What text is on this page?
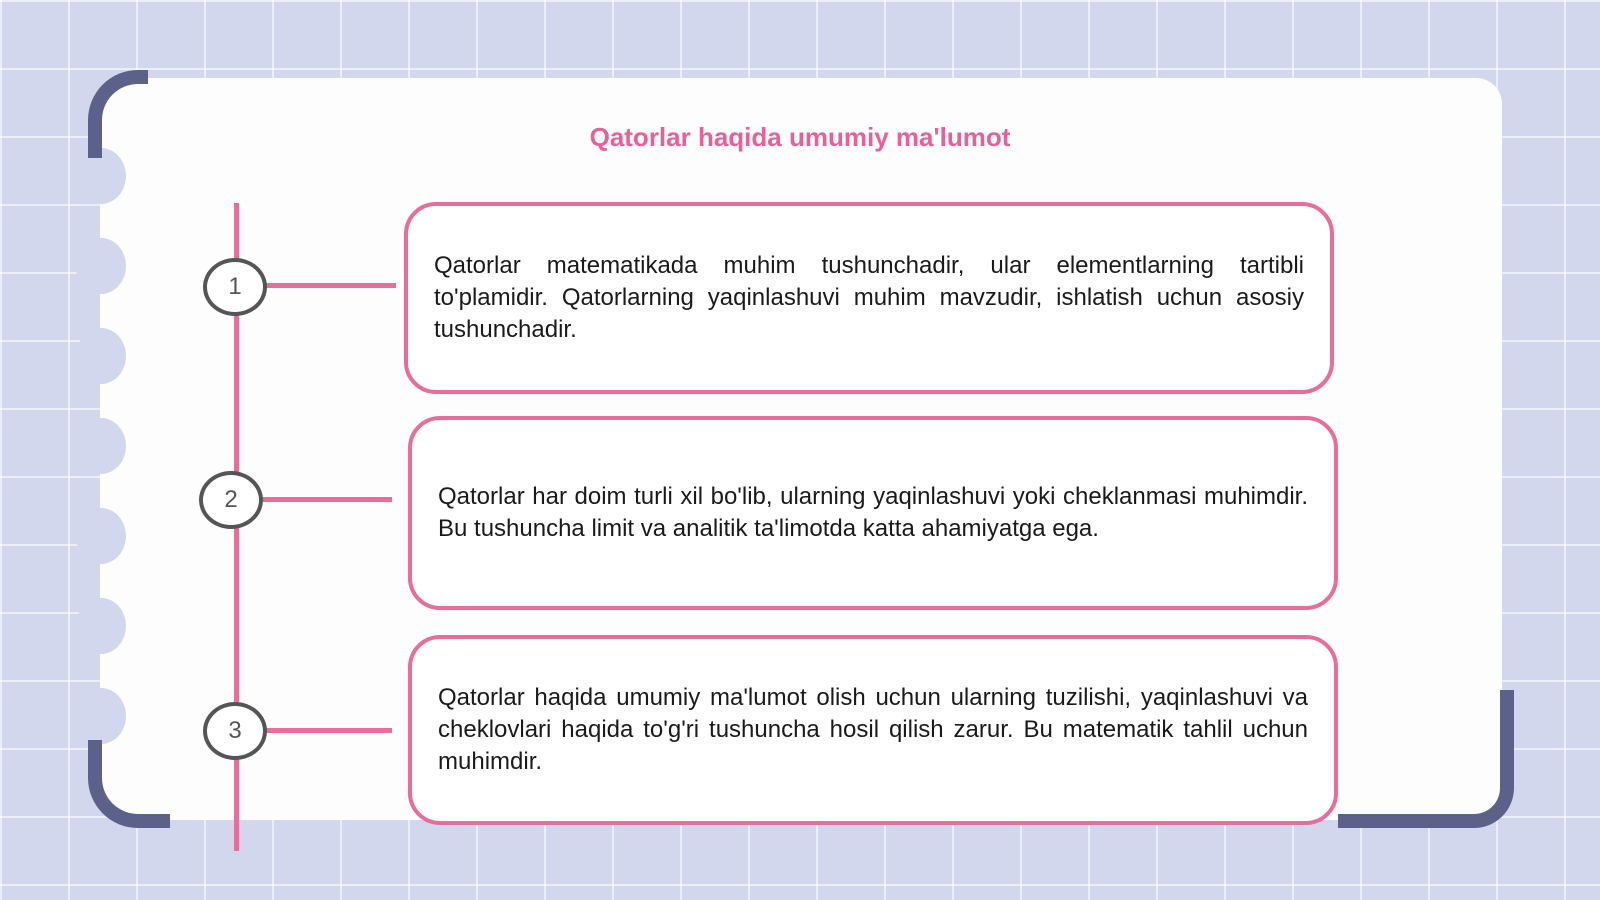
Qatorlar haqida umumiy ma'lumot
1
2
3

Qatorlar matematikada muhim tushunchadir, ular elementlarning tartibli to'plamidir. Qatorlarning yaqinlashuvi muhim mavzudir, ishlatish uchun asosiy tushunchadir.

Qatorlar har doim turli xil bo'lib, ularning yaqinlashuvi yoki cheklanmasi muhimdir. Bu tushuncha limit va analitik ta'limotda katta ahamiyatga ega.

Qatorlar haqida umumiy ma'lumot olish uchun ularning tuzilishi, yaqinlashuvi va cheklovlari haqida to'g'ri tushuncha hosil qilish zarur. Bu matematik tahlil uchun muhimdir.
